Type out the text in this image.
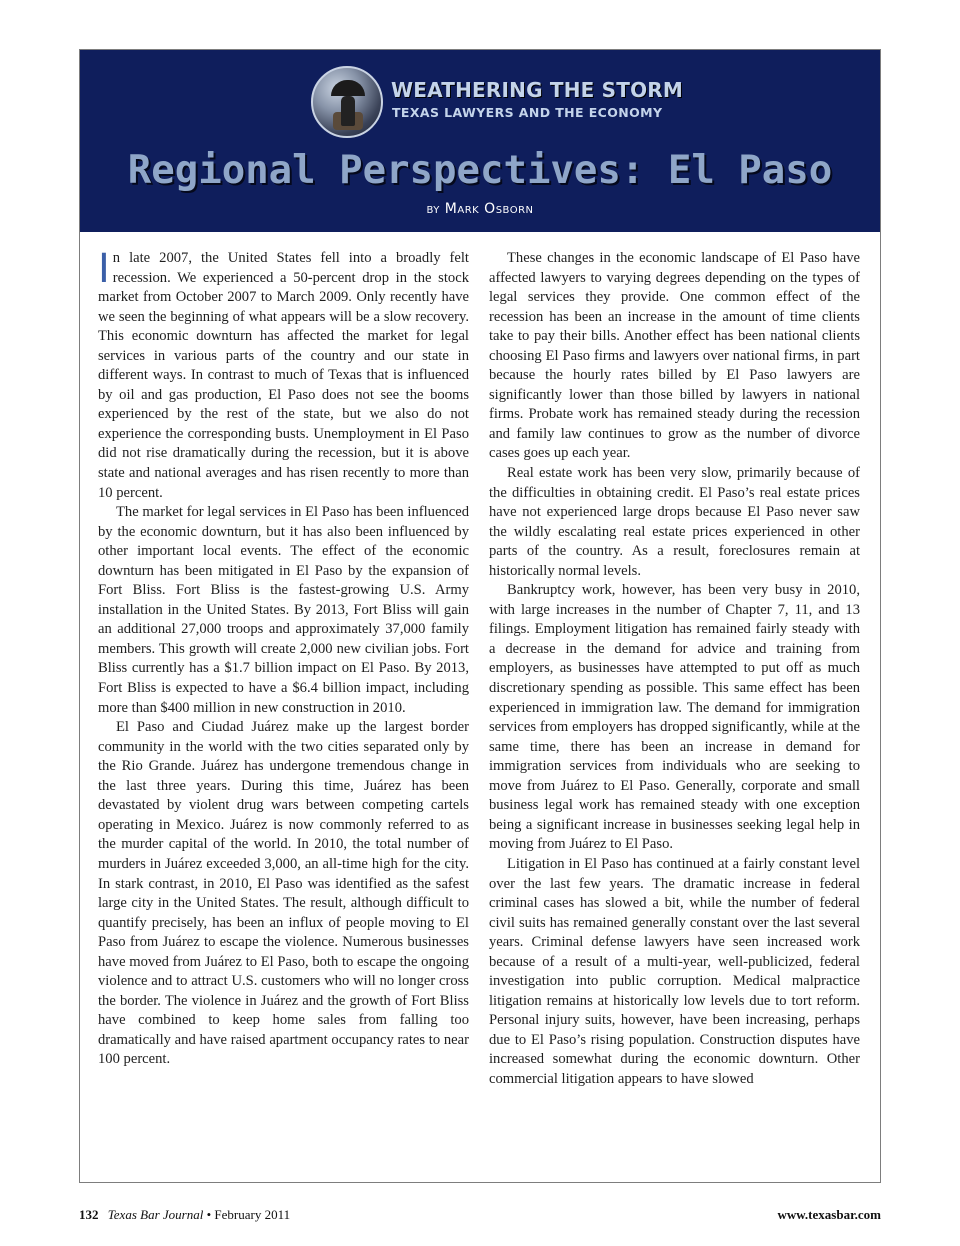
WEATHERING THE STORM
TEXAS LAWYERS AND THE ECONOMY
Regional Perspectives: El Paso
by Mark Osborn

In late 2007, the United States fell into a broadly felt recession. We experienced a 50-percent drop in the stock market from October 2007 to March 2009. Only recently have we seen the beginning of what appears will be a slow recovery. This economic downturn has affected the market for legal services in various parts of the country and our state in different ways. In contrast to much of Texas that is influenced by oil and gas production, El Paso does not see the booms experienced by the rest of the state, but we also do not experience the corresponding busts. Unemployment in El Paso did not rise dramatically during the recession, but it is above state and national averages and has risen recently to more than 10 percent.

The market for legal services in El Paso has been influenced by the economic downturn, but it has also been influenced by other important local events. The effect of the economic downturn has been mitigated in El Paso by the expansion of Fort Bliss. Fort Bliss is the fastest-growing U.S. Army installation in the United States. By 2013, Fort Bliss will gain an additional 27,000 troops and approximately 37,000 family members. This growth will create 2,000 new civilian jobs. Fort Bliss currently has a $1.7 billion impact on El Paso. By 2013, Fort Bliss is expected to have a $6.4 billion impact, including more than $400 million in new construction in 2010.

El Paso and Ciudad Juárez make up the largest border community in the world with the two cities separated only by the Rio Grande. Juárez has undergone tremendous change in the last three years. During this time, Juárez has been devastated by violent drug wars between competing cartels operating in Mexico. Juárez is now commonly referred to as the murder capital of the world. In 2010, the total number of murders in Juárez exceeded 3,000, an all-time high for the city. In stark contrast, in 2010, El Paso was identified as the safest large city in the United States. The result, although difficult to quantify precisely, has been an influx of people moving to El Paso from Juárez to escape the violence. Numerous businesses have moved from Juárez to El Paso, both to escape the ongoing violence and to attract U.S. customers who will no longer cross the border. The violence in Juárez and the growth of Fort Bliss have combined to keep home sales from falling too dramatically and have raised apartment occupancy rates to near 100 percent.

These changes in the economic landscape of El Paso have affected lawyers to varying degrees depending on the types of legal services they provide. One common effect of the recession has been an increase in the amount of time clients take to pay their bills. Another effect has been national clients choosing El Paso firms and lawyers over national firms, in part because the hourly rates billed by El Paso lawyers are significantly lower than those billed by lawyers in national firms. Probate work has remained steady during the recession and family law continues to grow as the number of divorce cases goes up each year.

Real estate work has been very slow, primarily because of the difficulties in obtaining credit. El Paso’s real estate prices have not experienced large drops because El Paso never saw the wildly escalating real estate prices experienced in other parts of the country. As a result, foreclosures remain at historically normal levels.

Bankruptcy work, however, has been very busy in 2010, with large increases in the number of Chapter 7, 11, and 13 filings. Employment litigation has remained fairly steady with a decrease in the demand for advice and training from employers, as businesses have attempted to put off as much discretionary spending as possible. This same effect has been experienced in immigration law. The demand for immigration services from employers has dropped significantly, while at the same time, there has been an increase in demand for immigration services from individuals who are seeking to move from Juárez to El Paso. Generally, corporate and small business legal work has remained steady with one exception being a significant increase in businesses seeking legal help in moving from Juárez to El Paso.

Litigation in El Paso has continued at a fairly constant level over the last few years. The dramatic increase in federal criminal cases has slowed a bit, while the number of federal civil suits has remained generally constant over the last several years. Criminal defense lawyers have seen increased work because of a result of a multi-year, well-publicized, federal investigation into public corruption. Medical malpractice litigation remains at historically low levels due to tort reform. Personal injury suits, however, have been increasing, perhaps due to El Paso’s rising population. Construction disputes have increased somewhat during the economic downturn. Other commercial litigation appears to have slowed

132 Texas Bar Journal • February 2011	www.texasbar.com
